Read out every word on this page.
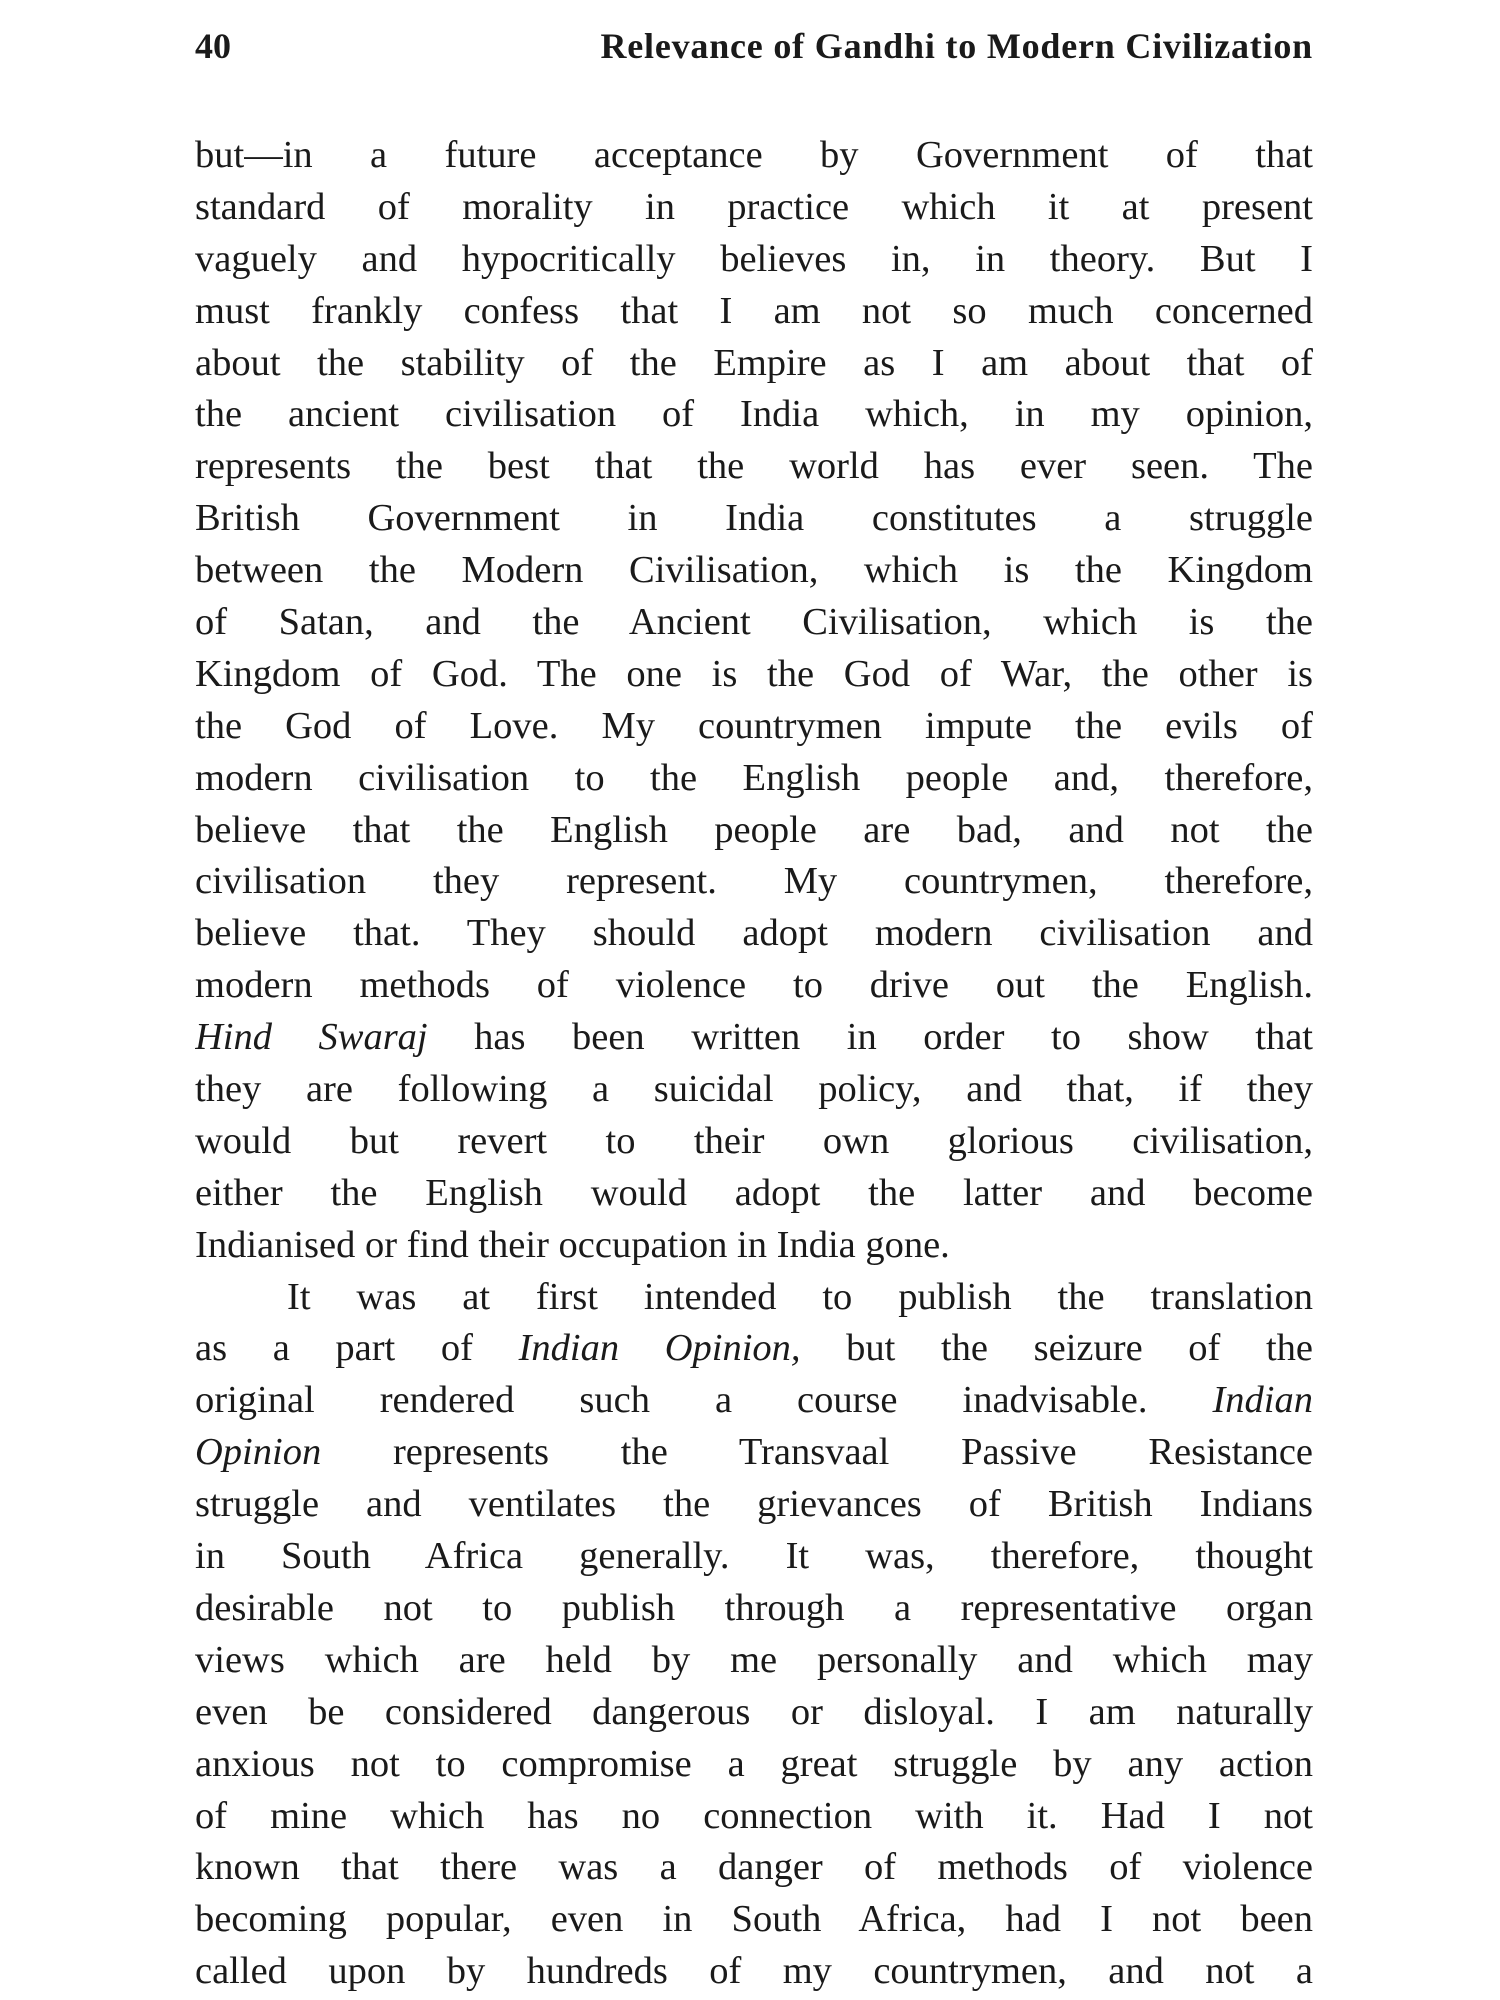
40	Relevance of Gandhi to Modern Civilization
but—in a future acceptance by Government of that
standard of morality in practice which it at present
vaguely and hypocritically believes in, in theory. But I
must frankly confess that I am not so much concerned
about the stability of the Empire as I am about that of
the ancient civilisation of India which, in my opinion,
represents the best that the world has ever seen. The
British Government in India constitutes a struggle
between the Modern Civilisation, which is the Kingdom
of Satan, and the Ancient Civilisation, which is the
Kingdom of God. The one is the God of War, the other is
the God of Love. My countrymen impute the evils of
modern civilisation to the English people and, therefore,
believe that the English people are bad, and not the
civilisation they represent. My countrymen, therefore,
believe that. They should adopt modern civilisation and
modern methods of violence to drive out the English.
Hind Swaraj has been written in order to show that
they are following a suicidal policy, and that, if they
would but revert to their own glorious civilisation,
either the English would adopt the latter and become
Indianised or find their occupation in India gone.
It was at first intended to publish the translation
as a part of Indian Opinion, but the seizure of the
original rendered such a course inadvisable. Indian
Opinion represents the Transvaal Passive Resistance
struggle and ventilates the grievances of British Indians
in South Africa generally. It was, therefore, thought
desirable not to publish through a representative organ
views which are held by me personally and which may
even be considered dangerous or disloyal. I am naturally
anxious not to compromise a great struggle by any action
of mine which has no connection with it. Had I not
known that there was a danger of methods of violence
becoming popular, even in South Africa, had I not been
called upon by hundreds of my countrymen, and not a
